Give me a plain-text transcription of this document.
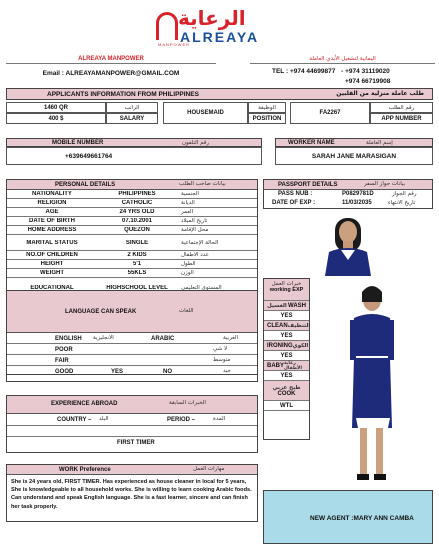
الرعاية
ALREAYA
MANPOWER
ALREAYA MANPOWER
Email : ALREAYAMANPOWER@GMAIL.COM
اليمانية لتشغيل الأيدي العاملة
TEL : +974 44699877 - +974 31119020
+974 66719908
APPLICANTS INFORMATION FROM PHILIPPINES	طلب عاملة منزلية من الفلبين
1460 QR
400 $
الراتب
SALARY
HOUSEMAID
الوظيفة
POSITION
FA2267
رقم الطلب
APP NUMBER
MOBILE NUMBER	رقم التلفون
+639649661764
WORKER NAME	إسم العاملة
SARAH JANE MARASIGAN
PERSONAL DETAILS	بيانات صاحب الطلب
NATIONALITY	PHILIPPINES	الجنسية
RELIGION	CATHOLIC	الديانة
AGE	24 YRS OLD	العمر
DATE OF BIRTH	07.10.2001	تاريخ الميلاد
HOME ADDRESS	QUEZON	محل الإقامة
MARITAL STATUS	SINGLE	الحالة الإجتماعية
NO.OF CHILDREN	2 KIDS	عدد الأطفال
HEIGHT	5'1	الطول
WEIGHT	55KLS	الوزن
EDUCATIONAL	HIGHSCHOOL LEVEL	المستوى التعليمي
PASSPORT DETAILS	بيانات جواز السفر
PASS NUB :	P0829781D	رقم الجواز
DATE OF EXP :	11/03/2035	تاريخ الانتهاء
خبرات العمل
working EXP
الغسيل WASH
YES
CLEAN التنظيف
YES
IRONING الكوي
YES
BABY رعاية الأطفال
YES
طبخ عربي
COOK
WTL
LANGUAGE CAN SPEAK	اللغات
ENGLISH الانجليزية	ARABIC	العربية
POOR	لا شي
FAIR	متوسط
GOOD	YES	NO	جيد
EXPERIENCE ABROAD	الخبرات السابقة
COUNTRY – البلد	PERIOD –	المدة
FIRST TIMER
WORK Preference	مهارات العمل
She is 24 years old, FIRST TIMER. Has experienced as house cleaner in local for 5 years, She is knowledgeable to all household works. She is willing to learn cooking Arabic foods. Can understand and speak English language. She is a fast learner, sincere and can finish her task properly.
NEW AGENT :MARY ANN CAMBA
